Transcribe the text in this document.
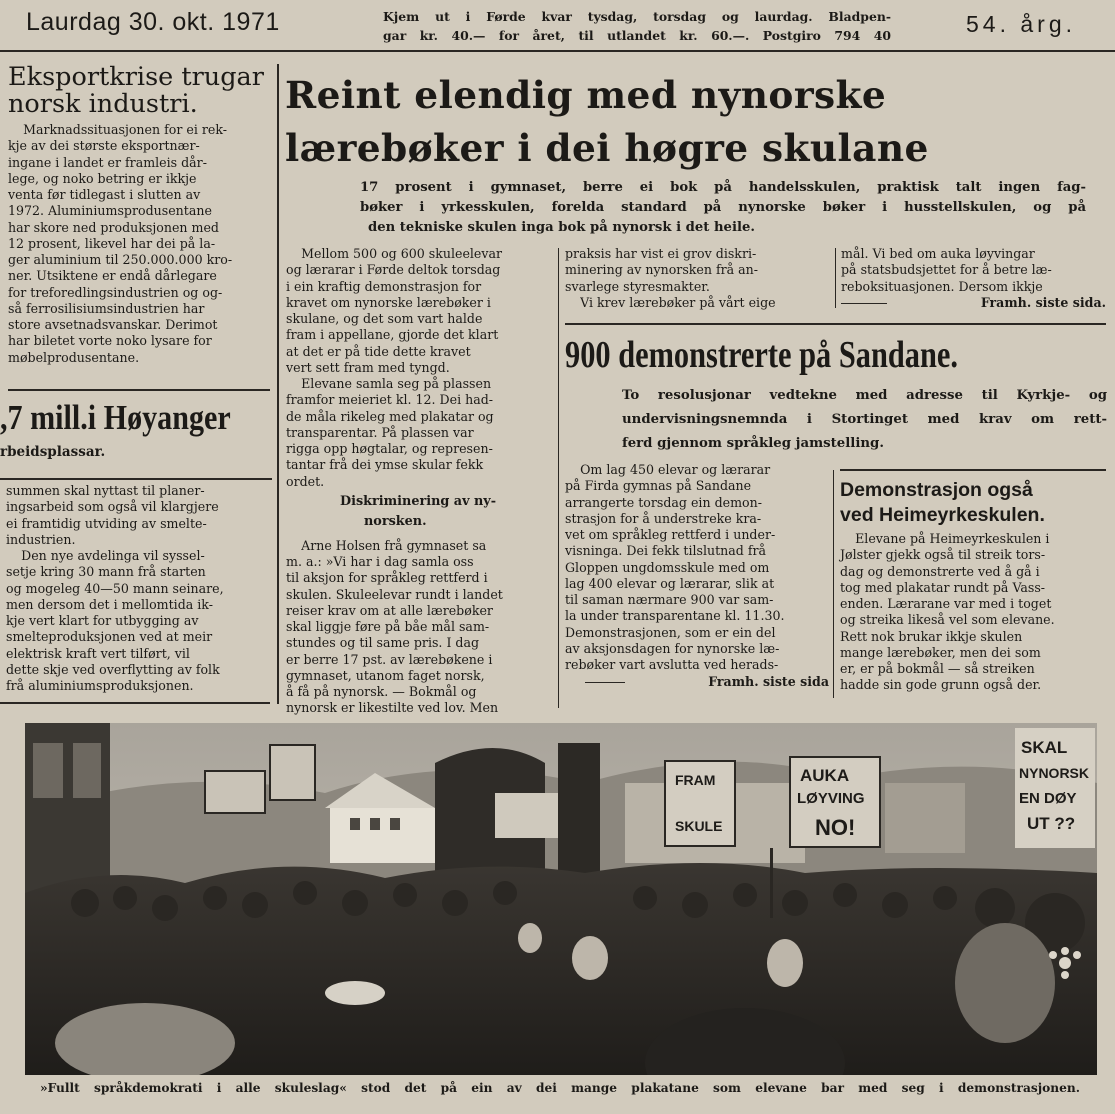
Laurdag 30. okt. 1971	Kjem ut i Førde kvar tysdag, torsdag og laurdag. Bladpen-
gar kr. 40.— for året, til utlandet kr. 60.—. Postgiro 794 40	54. årg.
Eksportkrise trugar
norsk industri.

Marknadssituasjonen for ei rek-

kje av dei største eksportnær-

ingane i landet er framleis dår-

lege, og noko betring er ikkje

venta før tidlegast i slutten av

1972. Aluminiumsprodusentane

har skore ned produksjonen med

12 prosent, likevel har dei på la-

ger aluminium til 250.000.000 kro-

ner. Utsiktene er endå dårlegare

for treforedlingsindustrien og og-

så ferrosilisiumsindustrien har

store avsetnadsvanskar. Derimot

har biletet vorte noko lysare for

møbelprodusentane.

,7 mill.i Høyanger
rbeidsplassar.

summen skal nyttast til planer-

ingsarbeid som også vil klargjere

ei framtidig utviding av smelte-

industrien.

Den nye avdelinga vil syssel-

setje kring 30 mann frå starten

og mogeleg 40—50 mann seinare,

men dersom det i mellomtida ik-

kje vert klart for utbygging av

smelteproduksjonen ved at meir

elektrisk kraft vert tilført, vil

dette skje ved overflytting av folk

frå aluminiumsproduksjonen.

Reint elendig med nynorske
lærebøker i dei høgre skulane
17 prosent i gymnaset, berre ei bok på handelsskulen, praktisk talt ingen fag-
bøker i yrkesskulen, forelda standard på nynorske bøker i husstellskulen, og på
den tekniske skulen inga bok på nynorsk i det heile.

Mellom 500 og 600 skuleelevar

og lærarar i Førde deltok torsdag

i ein kraftig demonstrasjon for

kravet om nynorske lærebøker i

skulane, og det som vart halde

fram i appellane, gjorde det klart

at det er på tide dette kravet

vert sett fram med tyngd.

Elevane samla seg på plassen

framfor meieriet kl. 12. Dei had-

de måla rikeleg med plakatar og

transparentar. På plassen var

rigga opp høgtalar, og represen-

tantar frå dei ymse skular fekk

ordet.

Diskriminering av ny-
norsken.

Arne Holsen frå gymnaset sa

m. a.: »Vi har i dag samla oss

til aksjon for språkleg rettferd i

skulen. Skuleelevar rundt i landet

reiser krav om at alle lærebøker

skal liggje føre på båe mål sam-

stundes og til same pris. I dag

er berre 17 pst. av lærebøkene i

gymnaset, utanom faget norsk,

å få på nynorsk. — Bokmål og

nynorsk er likestilte ved lov. Men

praksis har vist ei grov diskri-

minering av nynorsken frå an-

svarlege styresmakter.

Vi krev lærebøker på vårt eige

mål. Vi bed om auka løyvingar

på statsbudsjettet for å betre læ-

reboksituasjonen. Dersom ikkje

Framh. siste sida.
900 demonstrerte på Sandane.
To resolusjonar vedtekne med adresse til Kyrkje- og
undervisningsnemnda i Stortinget med krav om rett-
ferd gjennom språkleg jamstelling.

Om lag 450 elevar og lærarar

på Firda gymnas på Sandane

arrangerte torsdag ein demon-

strasjon for å understreke kra-

vet om språkleg rettferd i under-

visninga. Dei fekk tilslutnad frå

Gloppen ungdomsskule med om

lag 400 elevar og lærarar, slik at

til saman nærmare 900 var sam-

la under transparentane kl. 11.30.

Demonstrasjonen, som er ein del

av aksjonsdagen for nynorske læ-

rebøker vart avslutta ved herads-

Framh. siste sida
Demonstrasjon også
ved Heimeyrkeskulen.

Elevane på Heimeyrkeskulen i

Jølster gjekk også til streik tors-

dag og demonstrerte ved å gå i

tog med plakatar rundt på Vass-

enden. Lærarane var med i toget

og streika likeså vel som elevane.

Rett nok brukar ikkje skulen

mange lærebøker, men dei som

er, er på bokmål — så streiken

hadde sin gode grunn også der.

FRAM
SKULE
AUKA
LØYVING
NO!
SKAL
NYNORSK
EN DØY
UT ??
»Fullt språkdemokrati i alle skuleslag« stod det på ein av dei mange plakatane som elevane bar med seg i demonstrasjonen.
